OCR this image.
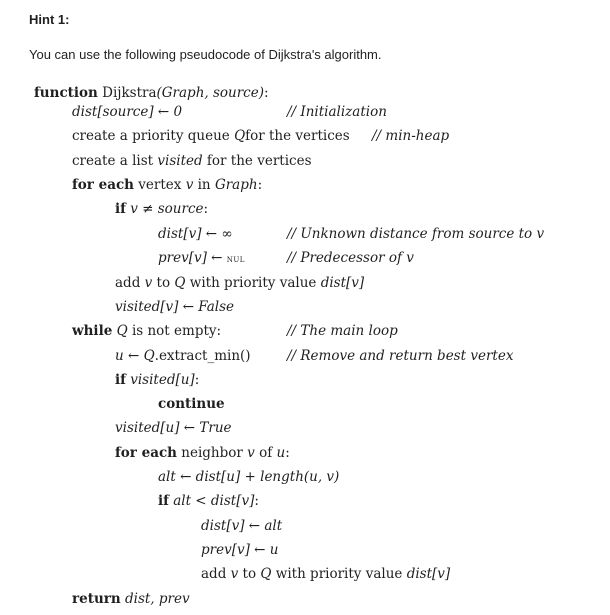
Hint 1:
You can use the following pseudocode of Dijkstra's algorithm.
function Dijkstra(Graph, source):
dist[source] ← 0	// Initialization
create a priority queue Qfor the vertices // min-heap
create a list visited for the vertices
for each vertex v in Graph:
if v ≠ source:
dist[v] ← ∞	// Unknown distance from source to v
prev[v] ← NUL	// Predecessor of v
add v to Q with priority value dist[v]
visited[v] ← False
while Q is not empty:	// The main loop
u ← Q.extract_min()	// Remove and return best vertex
if visited[u]:
continue
visited[u] ← True
for each neighbor v of u:
alt ← dist[u] + length(u, v)
if alt < dist[v]:
dist[v] ← alt
prev[v] ← u
add v to Q with priority value dist[v]
return dist, prev
